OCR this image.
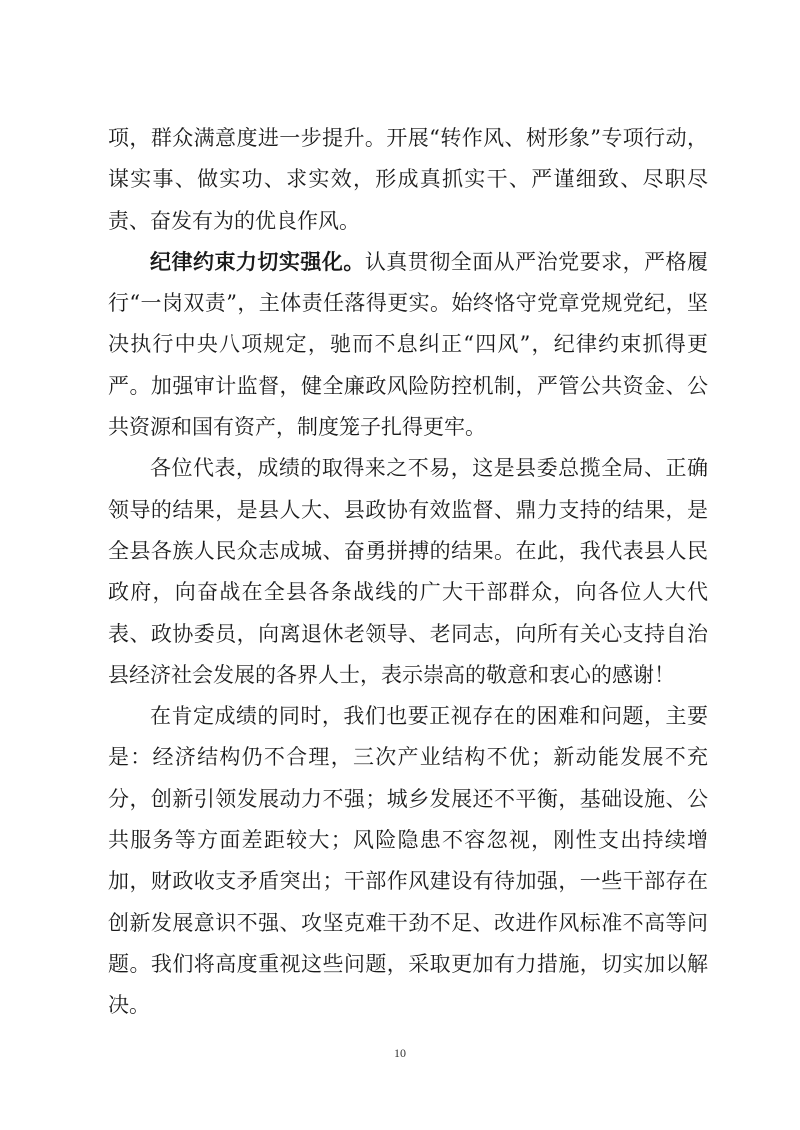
项，群众满意度进一步提升。开展“转作风、树形象”专项行动，谋实事、做实功、求实效，形成真抓实干、严谨细致、尽职尽责、奋发有为的优良作风。

纪律约束力切实强化。认真贯彻全面从严治党要求，严格履行“一岗双责”，主体责任落得更实。始终恪守党章党规党纪，坚决执行中央八项规定，驰而不息纠正“四风”，纪律约束抓得更严。加强审计监督，健全廉政风险防控机制，严管公共资金、公共资源和国有资产，制度笼子扎得更牢。

各位代表，成绩的取得来之不易，这是县委总揽全局、正确领导的结果，是县人大、县政协有效监督、鼎力支持的结果，是全县各族人民众志成城、奋勇拼搏的结果。在此，我代表县人民政府，向奋战在全县各条战线的广大干部群众，向各位人大代表、政协委员，向离退休老领导、老同志，向所有关心支持自治县经济社会发展的各界人士，表示崇高的敬意和衷心的感谢！

在肯定成绩的同时，我们也要正视存在的困难和问题，主要是：经济结构仍不合理，三次产业结构不优；新动能发展不充分，创新引领发展动力不强；城乡发展还不平衡，基础设施、公共服务等方面差距较大；风险隐患不容忽视，刚性支出持续增加，财政收支矛盾突出；干部作风建设有待加强，一些干部存在创新发展意识不强、攻坚克难干劲不足、改进作风标准不高等问题。我们将高度重视这些问题，采取更加有力措施，切实加以解决。

10
